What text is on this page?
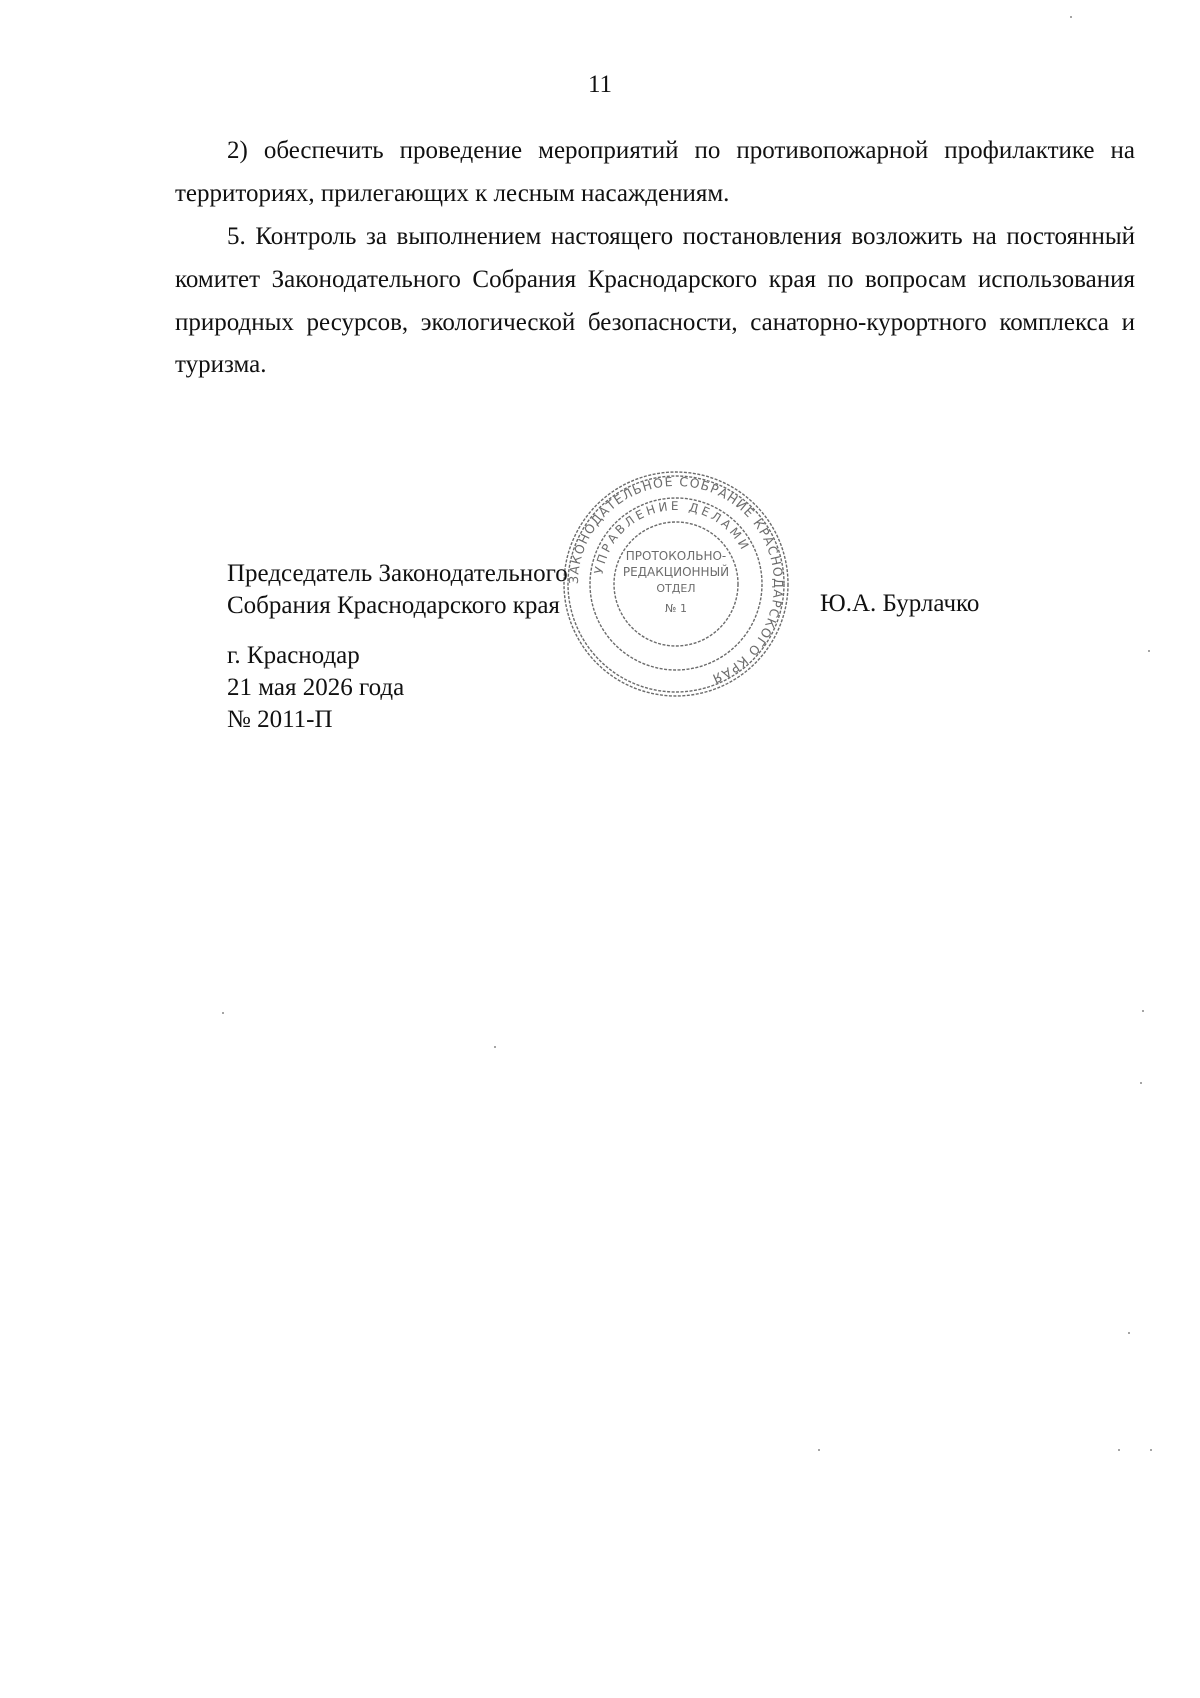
11

2) обеспечить проведение мероприятий по противопожарной профилактике на территориях, прилегающих к лесным насаждениям.

5. Контроль за выполнением настоящего постановления возложить на постоянный комитет Законодательного Собрания Краснодарского края по вопросам использования природных ресурсов, экологической безопасности, санаторно-курортного комплекса и туризма.

Председатель Законодательного
Собрания Краснодарского края	Ю.А. Бурлачко
г. Краснодар
21 мая 2026 года
№ 2011-П
ЗАКОНОДАТЕЛЬНОЕ СОБРАНИЕ КРАСНОДАРСКОГО КРАЯ
УПРАВЛЕНИЕ ДЕЛАМИ
ПРОТОКОЛЬНО-
РЕДАКЦИОННЫЙ
ОТДЕЛ
№ 1
